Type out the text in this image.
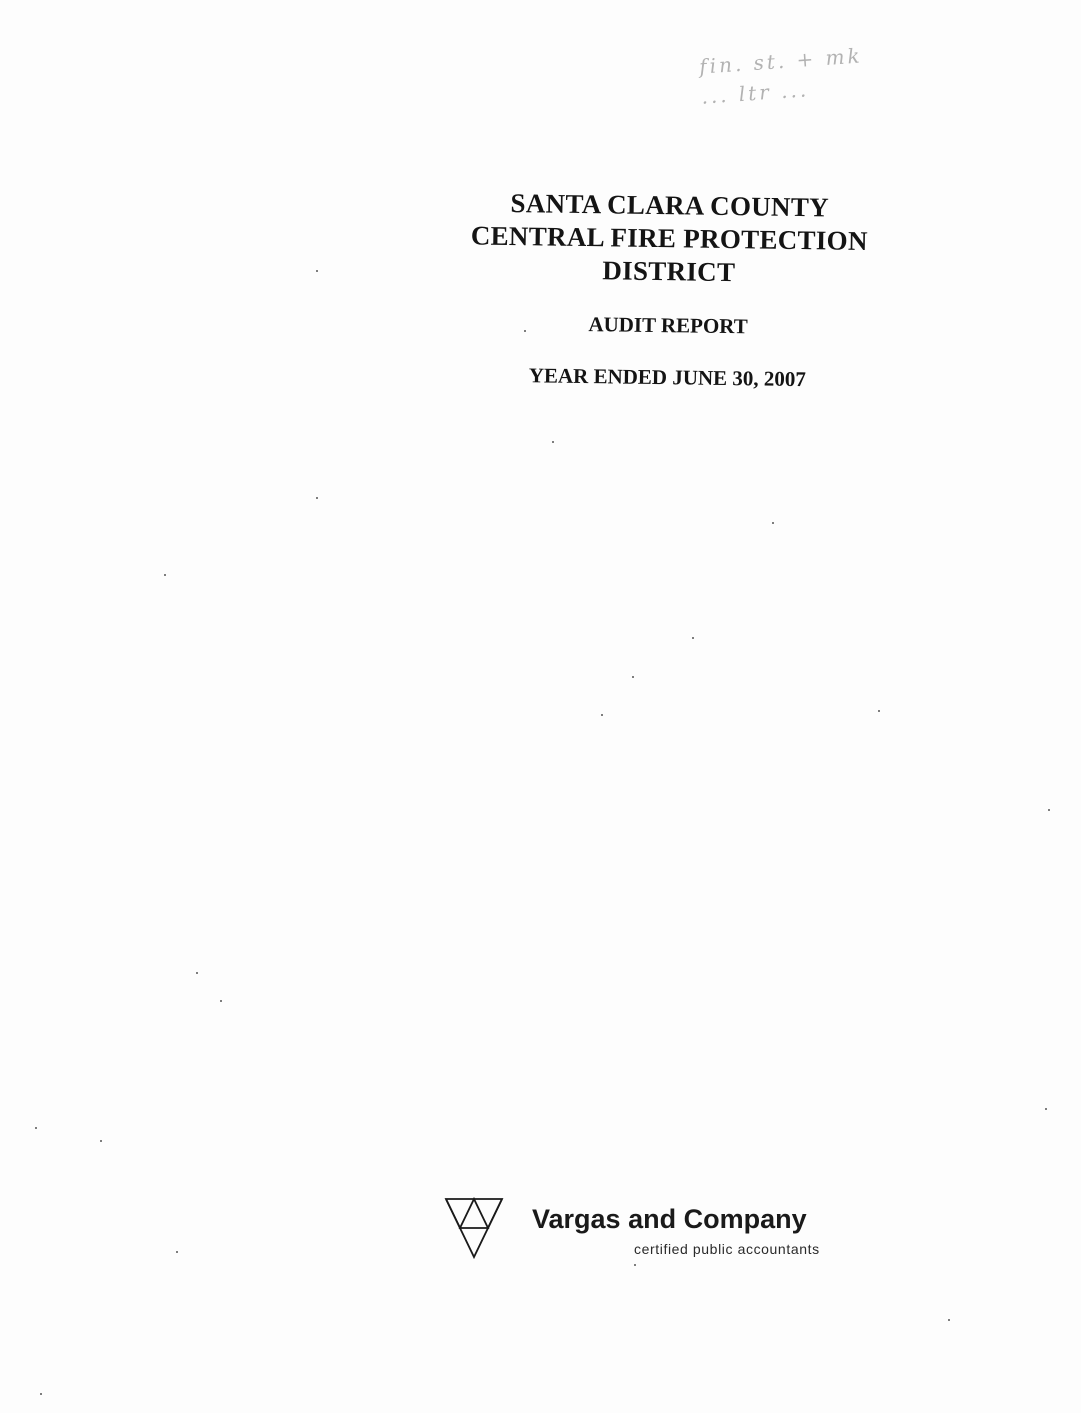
fin. st. + mk
... ltr ...

SANTA CLARA COUNTY

CENTRAL FIRE PROTECTION

DISTRICT

AUDIT REPORT

YEAR ENDED JUNE 30, 2007

Vargas and Company
certified public accountants
